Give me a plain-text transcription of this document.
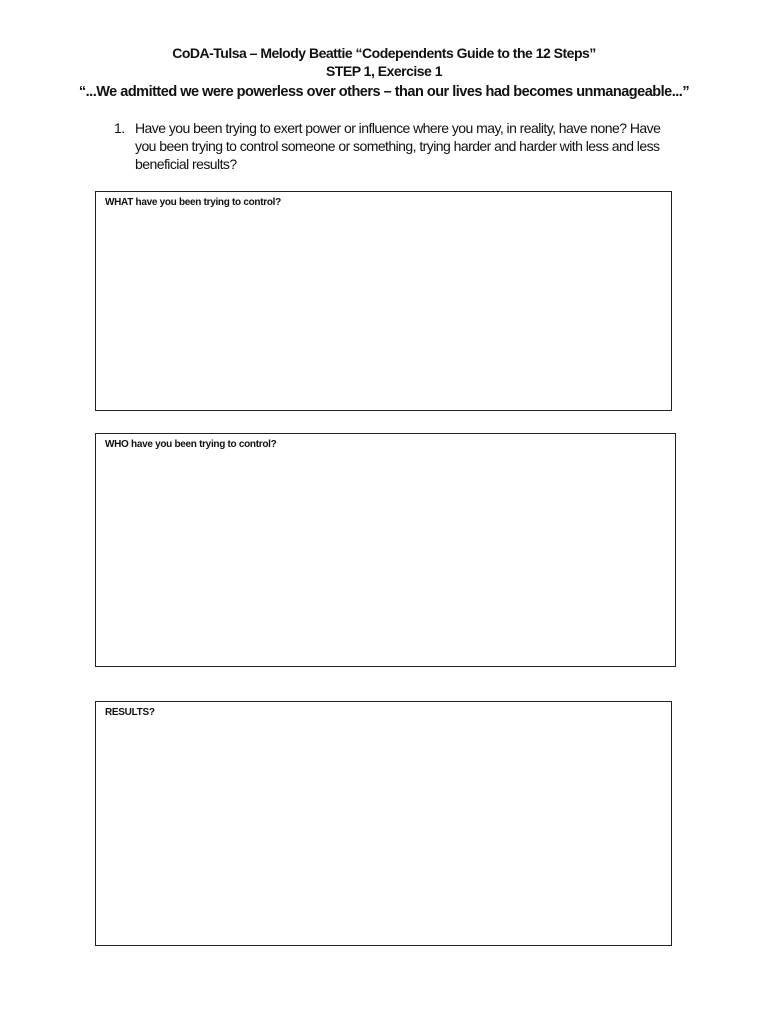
CoDA-Tulsa – Melody Beattie “Codependents Guide to the 12 Steps”
STEP 1, Exercise 1
“...We admitted we were powerless over others – than our lives had becomes unmanageable...”
1. Have you been trying to exert power or influence where you may, in reality, have none? Have you been trying to control someone or something, trying harder and harder with less and less beneficial results?
WHAT have you been trying to control?
WHO have you been trying to control?
RESULTS?
